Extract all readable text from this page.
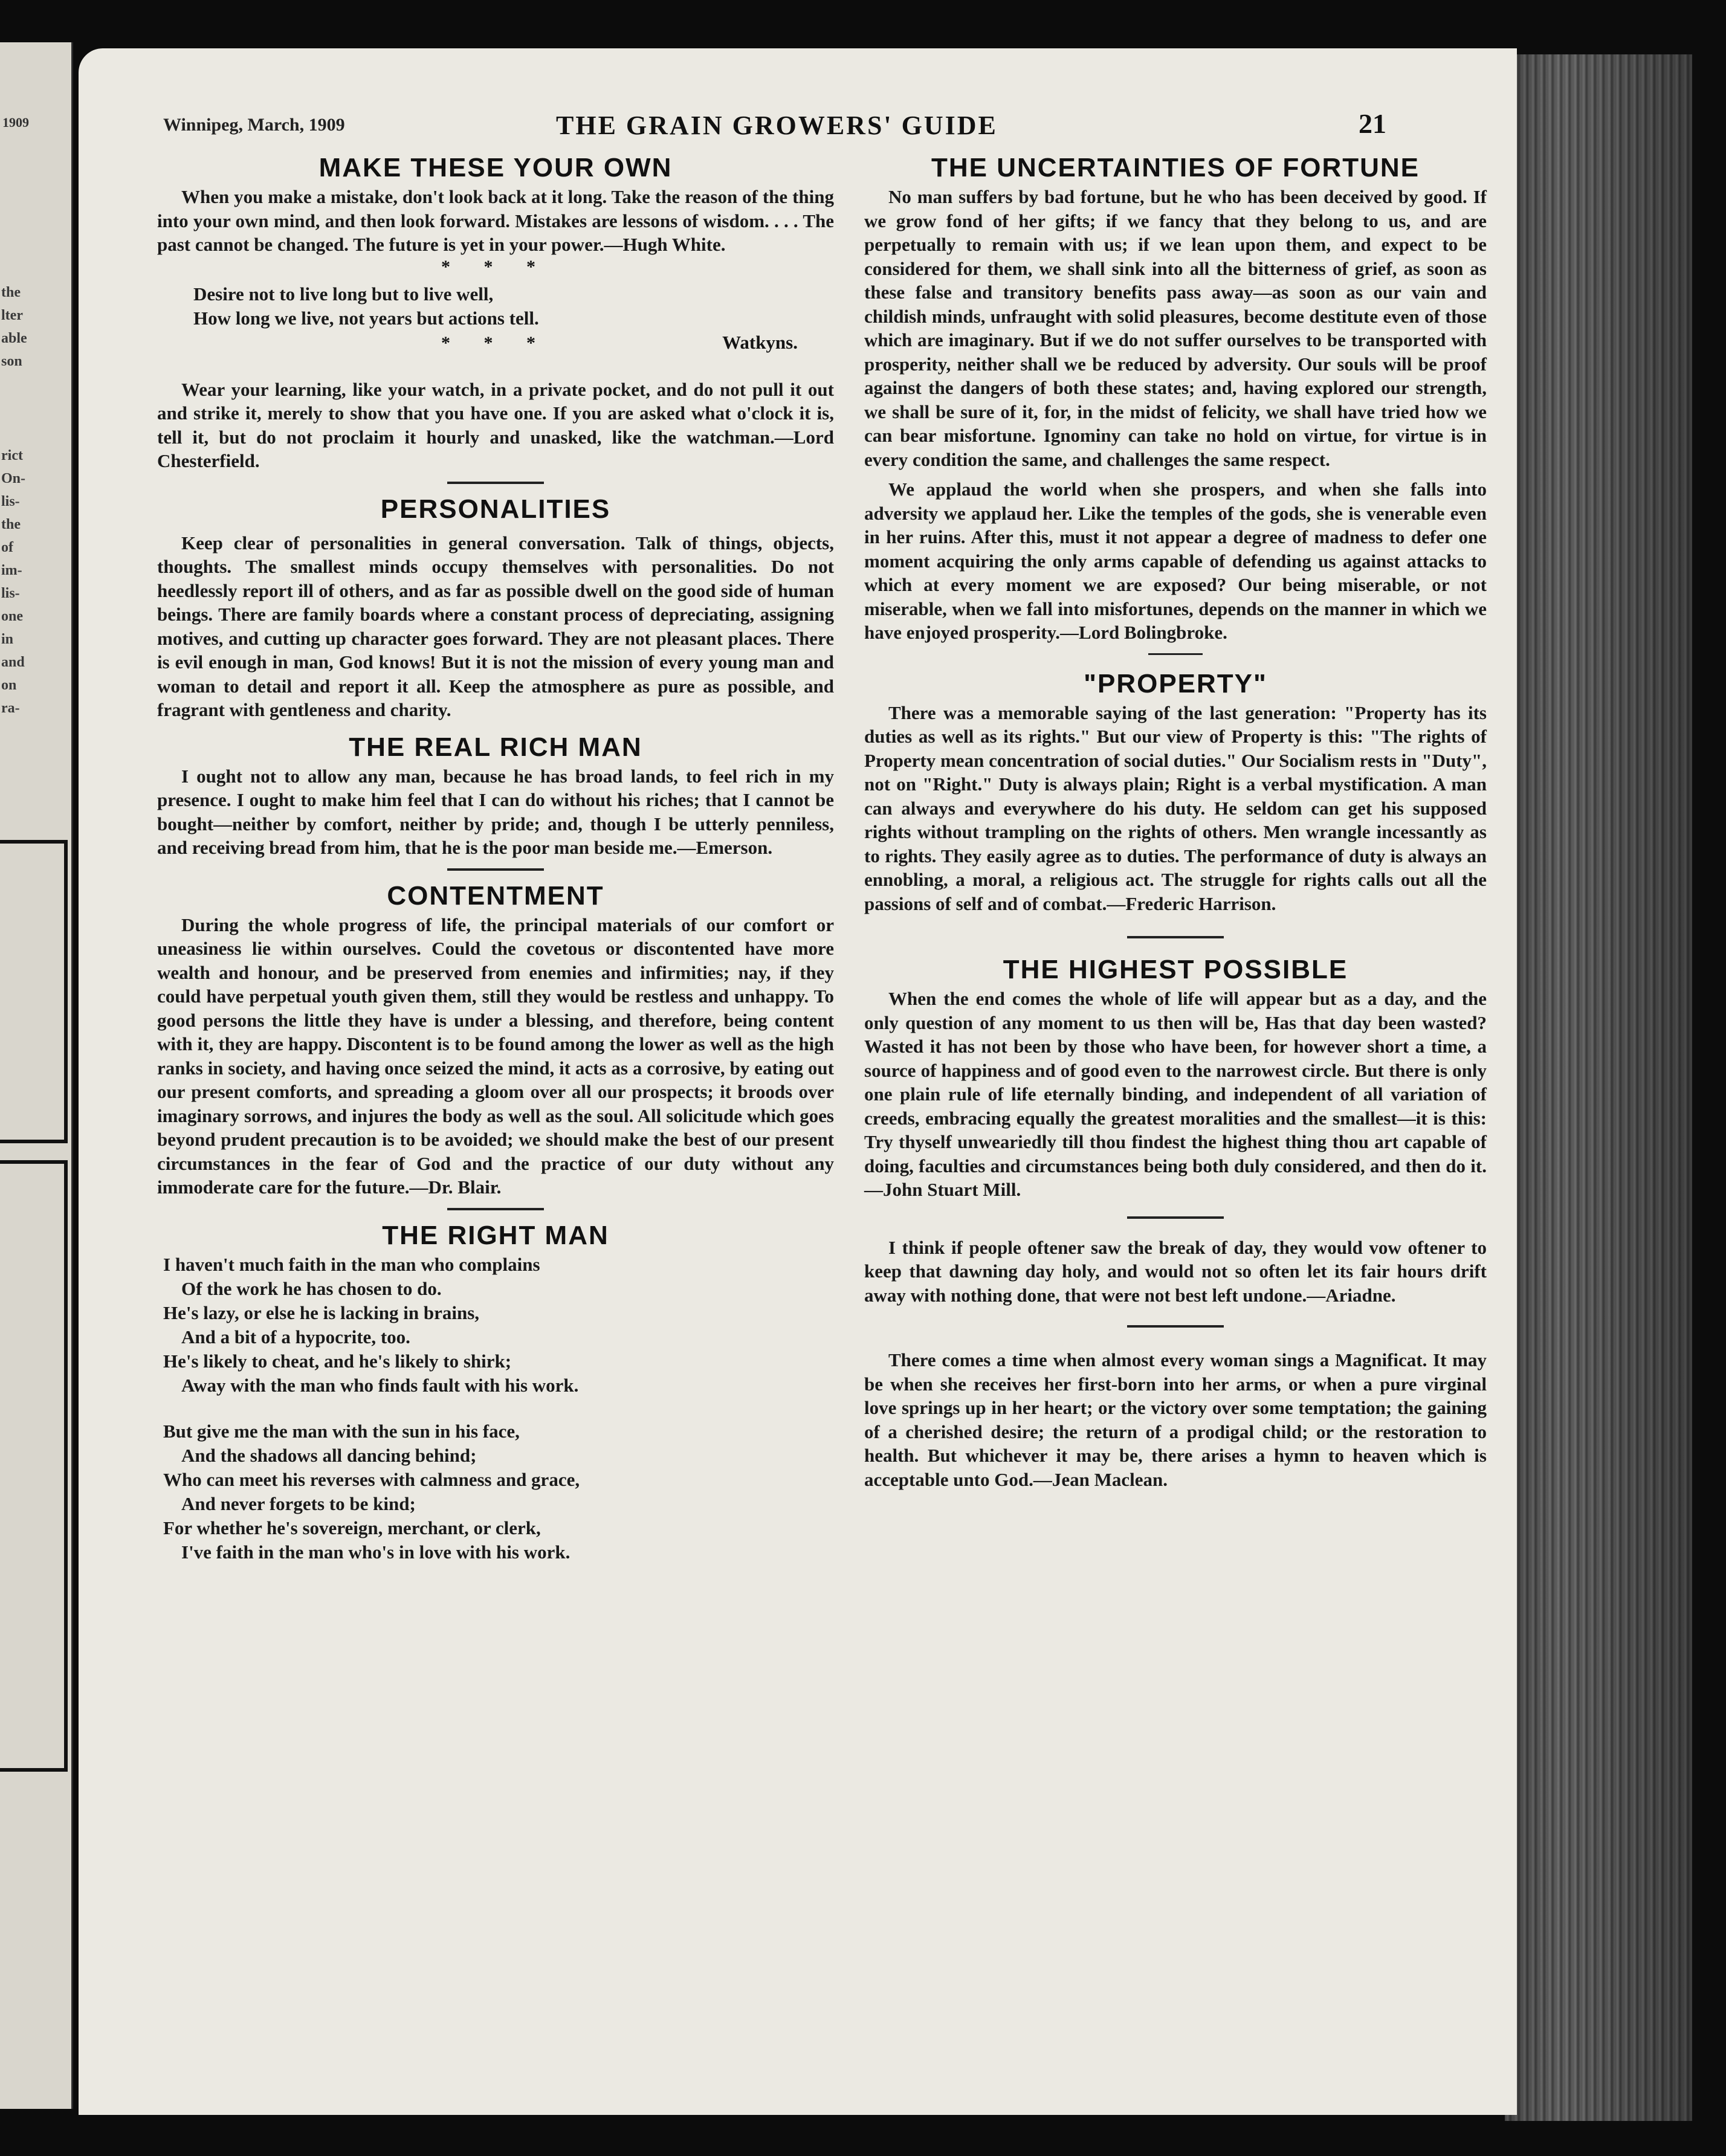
1909
the
lter
able
son
rict
On-
lis-
the
of
im-
lis-
one
in
and
on
ra-
Winnipeg, March, 1909	THE GRAIN GROWERS' GUIDE	21
MAKE THESE YOUR OWN

When you make a mistake, don't look back at it long. Take the reason of the thing into your own mind, and then look forward. Mistakes are lessons of wisdom. . . . The past cannot be changed. The future is yet in your power.—Hugh White.

* * *
Desire not to live long but to live well,
How long we live, not years but actions tell.
* * *	Watkyns.

Wear your learning, like your watch, in a private pocket, and do not pull it out and strike it, merely to show that you have one. If you are asked what o'clock it is, tell it, but do not proclaim it hourly and unasked, like the watchman.—Lord Chesterfield.

PERSONALITIES

Keep clear of personalities in general conversation. Talk of things, objects, thoughts. The smallest minds occupy themselves with personalities. Do not heedlessly report ill of others, and as far as possible dwell on the good side of human beings. There are family boards where a constant process of depreciating, assigning motives, and cutting up character goes forward. They are not pleasant places. There is evil enough in man, God knows! But it is not the mission of every young man and woman to detail and report it all. Keep the atmosphere as pure as possible, and fragrant with gentleness and charity.

THE REAL RICH MAN

I ought not to allow any man, because he has broad lands, to feel rich in my presence. I ought to make him feel that I can do without his riches; that I cannot be bought—neither by comfort, neither by pride; and, though I be utterly penniless, and receiving bread from him, that he is the poor man beside me.—Emerson.

CONTENTMENT

During the whole progress of life, the principal materials of our comfort or uneasiness lie within ourselves. Could the covetous or discontented have more wealth and honour, and be preserved from enemies and infirmities; nay, if they could have perpetual youth given them, still they would be restless and unhappy. To good persons the little they have is under a blessing, and therefore, being content with it, they are happy. Discontent is to be found among the lower as well as the high ranks in society, and having once seized the mind, it acts as a corrosive, by eating out our present comforts, and spreading a gloom over all our prospects; it broods over imaginary sorrows, and injures the body as well as the soul. All solicitude which goes beyond prudent precaution is to be avoided; we should make the best of our present circumstances in the fear of God and the practice of our duty without any immoderate care for the future.—Dr. Blair.

THE RIGHT MAN
I haven't much faith in the man who complains
Of the work he has chosen to do.
He's lazy, or else he is lacking in brains,
And a bit of a hypocrite, too.
He's likely to cheat, and he's likely to shirk;
Away with the man who finds fault with his work.
But give me the man with the sun in his face,
And the shadows all dancing behind;
Who can meet his reverses with calmness and grace,
And never forgets to be kind;
For whether he's sovereign, merchant, or clerk,
I've faith in the man who's in love with his work.
THE UNCERTAINTIES OF FORTUNE

No man suffers by bad fortune, but he who has been deceived by good. If we grow fond of her gifts; if we fancy that they belong to us, and are perpetually to remain with us; if we lean upon them, and expect to be considered for them, we shall sink into all the bitterness of grief, as soon as these false and transitory benefits pass away—as soon as our vain and childish minds, unfraught with solid pleasures, become destitute even of those which are imaginary. But if we do not suffer ourselves to be transported with prosperity, neither shall we be reduced by adversity. Our souls will be proof against the dangers of both these states; and, having explored our strength, we shall be sure of it, for, in the midst of felicity, we shall have tried how we can bear misfortune. Ignominy can take no hold on virtue, for virtue is in every condition the same, and challenges the same respect.

We applaud the world when she prospers, and when she falls into adversity we applaud her. Like the temples of the gods, she is venerable even in her ruins. After this, must it not appear a degree of madness to defer one moment acquiring the only arms capable of defending us against attacks to which at every moment we are exposed? Our being miserable, or not miserable, when we fall into misfortunes, depends on the manner in which we have enjoyed prosperity.—Lord Bolingbroke.

"PROPERTY"

There was a memorable saying of the last generation: "Property has its duties as well as its rights." But our view of Property is this: "The rights of Property mean concentration of social duties." Our Socialism rests in "Duty", not on "Right." Duty is always plain; Right is a verbal mystification. A man can always and everywhere do his duty. He seldom can get his supposed rights without trampling on the rights of others. Men wrangle incessantly as to rights. They easily agree as to duties. The performance of duty is always an ennobling, a moral, a religious act. The struggle for rights calls out all the passions of self and of combat.—Frederic Harrison.

THE HIGHEST POSSIBLE

When the end comes the whole of life will appear but as a day, and the only question of any moment to us then will be, Has that day been wasted? Wasted it has not been by those who have been, for however short a time, a source of happiness and of good even to the narrowest circle. But there is only one plain rule of life eternally binding, and independent of all variation of creeds, embracing equally the greatest moralities and the smallest—it is this: Try thyself unweariedly till thou findest the highest thing thou art capable of doing, faculties and circumstances being both duly considered, and then do it.—John Stuart Mill.

I think if people oftener saw the break of day, they would vow oftener to keep that dawning day holy, and would not so often let its fair hours drift away with nothing done, that were not best left undone.—Ariadne.

There comes a time when almost every woman sings a Magnificat. It may be when she receives her first-born into her arms, or when a pure virginal love springs up in her heart; or the victory over some temptation; the gaining of a cherished desire; the return of a prodigal child; or the restoration to health. But whichever it may be, there arises a hymn to heaven which is acceptable unto God.—Jean Maclean.
